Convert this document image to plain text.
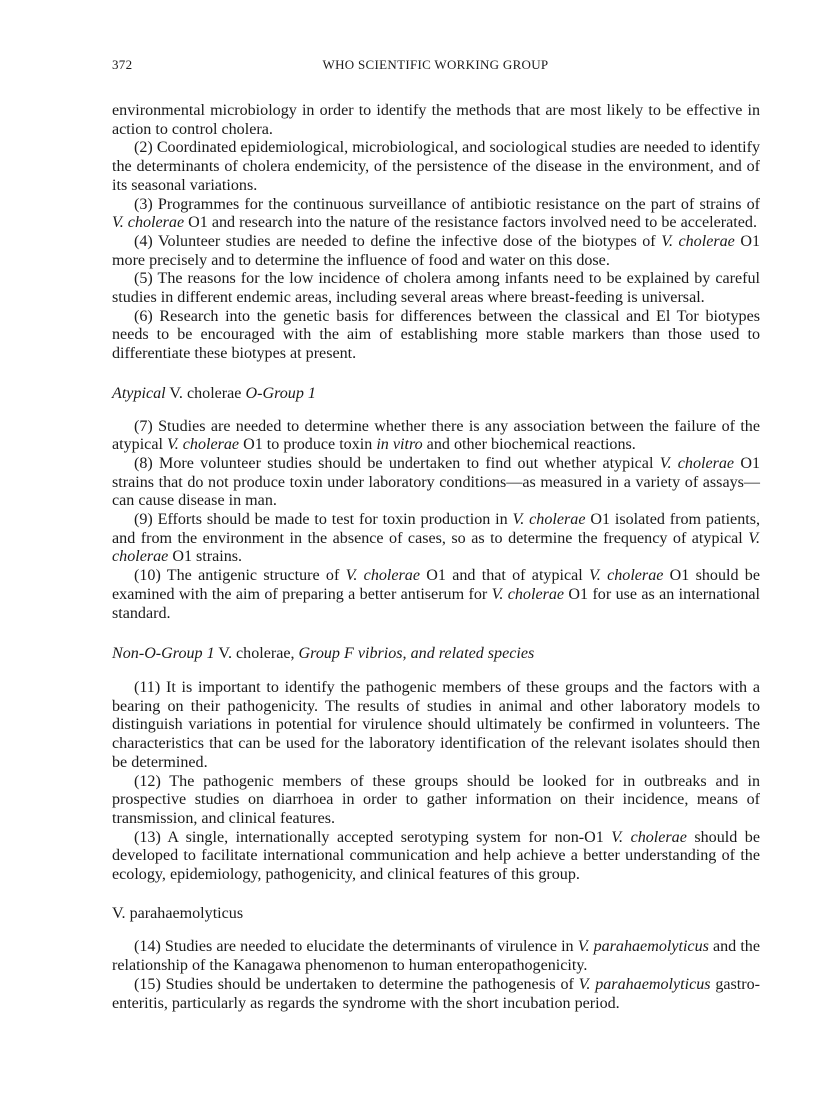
372	WHO SCIENTIFIC WORKING GROUP

environmental microbiology in order to identify the methods that are most likely to be effective in action to control cholera.

(2) Coordinated epidemiological, microbiological, and sociological studies are needed to identify the determinants of cholera endemicity, of the persistence of the disease in the environment, and of its seasonal variations.

(3) Programmes for the continuous surveillance of antibiotic resistance on the part of strains of V. cholerae O1 and research into the nature of the resistance factors involved need to be accelerated.

(4) Volunteer studies are needed to define the infective dose of the biotypes of V. cholerae O1 more precisely and to determine the influence of food and water on this dose.

(5) The reasons for the low incidence of cholera among infants need to be explained by careful studies in different endemic areas, including several areas where breast-feeding is universal.

(6) Research into the genetic basis for differences between the classical and El Tor biotypes needs to be encouraged with the aim of establishing more stable markers than those used to differentiate these biotypes at present.

Atypical V. cholerae O-Group 1

(7) Studies are needed to determine whether there is any association between the failure of the atypical V. cholerae O1 to produce toxin in vitro and other biochemical reactions.

(8) More volunteer studies should be undertaken to find out whether atypical V. cholerae O1 strains that do not produce toxin under laboratory conditions—as measured in a variety of assays—can cause disease in man.

(9) Efforts should be made to test for toxin production in V. cholerae O1 isolated from patients, and from the environment in the absence of cases, so as to determine the frequency of atypical V. cholerae O1 strains.

(10) The antigenic structure of V. cholerae O1 and that of atypical V. cholerae O1 should be examined with the aim of preparing a better antiserum for V. cholerae O1 for use as an international standard.

Non-O-Group 1 V. cholerae, Group F vibrios, and related species

(11) It is important to identify the pathogenic members of these groups and the factors with a bearing on their pathogenicity. The results of studies in animal and other laboratory models to distinguish variations in potential for virulence should ultimately be confirmed in volunteers. The characteristics that can be used for the laboratory identification of the relevant isolates should then be determined.

(12) The pathogenic members of these groups should be looked for in outbreaks and in prospective studies on diarrhoea in order to gather information on their incidence, means of transmission, and clinical features.

(13) A single, internationally accepted serotyping system for non-O1 V. cholerae should be developed to facilitate international communication and help achieve a better understanding of the ecology, epidemiology, pathogenicity, and clinical features of this group.

V. parahaemolyticus

(14) Studies are needed to elucidate the determinants of virulence in V. parahaemolyticus and the relationship of the Kanagawa phenomenon to human enteropathogenicity.

(15) Studies should be undertaken to determine the pathogenesis of V. parahaemolyticus gastro-enteritis, particularly as regards the syndrome with the short incubation period.
